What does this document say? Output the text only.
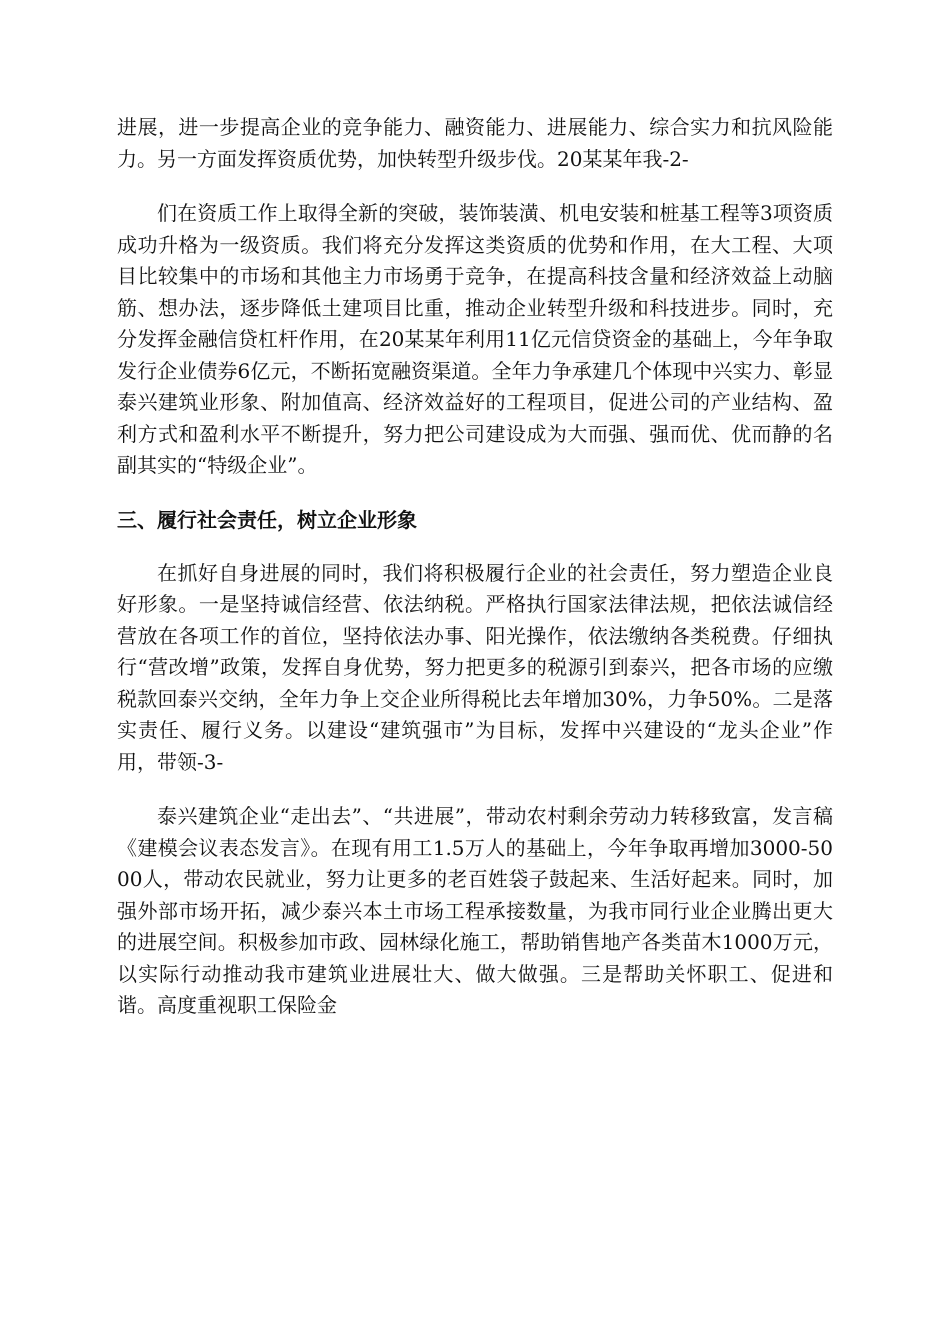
进展，进一步提高企业的竞争能力、融资能力、进展能力、综合实力和抗风险能力。另一方面发挥资质优势，加快转型升级步伐。20某某年我-2-

们在资质工作上取得全新的突破，装饰装潢、机电安装和桩基工程等3项资质成功升格为一级资质。我们将充分发挥这类资质的优势和作用，在大工程、大项目比较集中的市场和其他主力市场勇于竞争，在提高科技含量和经济效益上动脑筋、想办法，逐步降低土建项目比重，推动企业转型升级和科技进步。同时，充分发挥金融信贷杠杆作用，在20某某年利用11亿元信贷资金的基础上，今年争取发行企业债券6亿元，不断拓宽融资渠道。全年力争承建几个体现中兴实力、彰显泰兴建筑业形象、附加值高、经济效益好的工程项目，促进公司的产业结构、盈利方式和盈利水平不断提升，努力把公司建设成为大而强、强而优、优而静的名副其实的“特级企业”。

三、履行社会责任，树立企业形象

在抓好自身进展的同时，我们将积极履行企业的社会责任，努力塑造企业良好形象。一是坚持诚信经营、依法纳税。严格执行国家法律法规，把依法诚信经营放在各项工作的首位，坚持依法办事、阳光操作，依法缴纳各类税费。仔细执行“营改增”政策，发挥自身优势，努力把更多的税源引到泰兴，把各市场的应缴税款回泰兴交纳，全年力争上交企业所得税比去年增加30%，力争50%。二是落实责任、履行义务。以建设“建筑强市”为目标，发挥中兴建设的“龙头企业”作用，带领-3-

泰兴建筑企业“走出去”、“共进展”，带动农村剩余劳动力转移致富，发言稿《建模会议表态发言》。在现有用工1.5万人的基础上，今年争取再增加3000-5000人，带动农民就业，努力让更多的老百姓袋子鼓起来、生活好起来。同时，加强外部市场开拓，减少泰兴本土市场工程承接数量，为我市同行业企业腾出更大的进展空间。积极参加市政、园林绿化施工，帮助销售地产各类苗木1000万元，以实际行动推动我市建筑业进展壮大、做大做强。三是帮助关怀职工、促进和谐。高度重视职工保险金
